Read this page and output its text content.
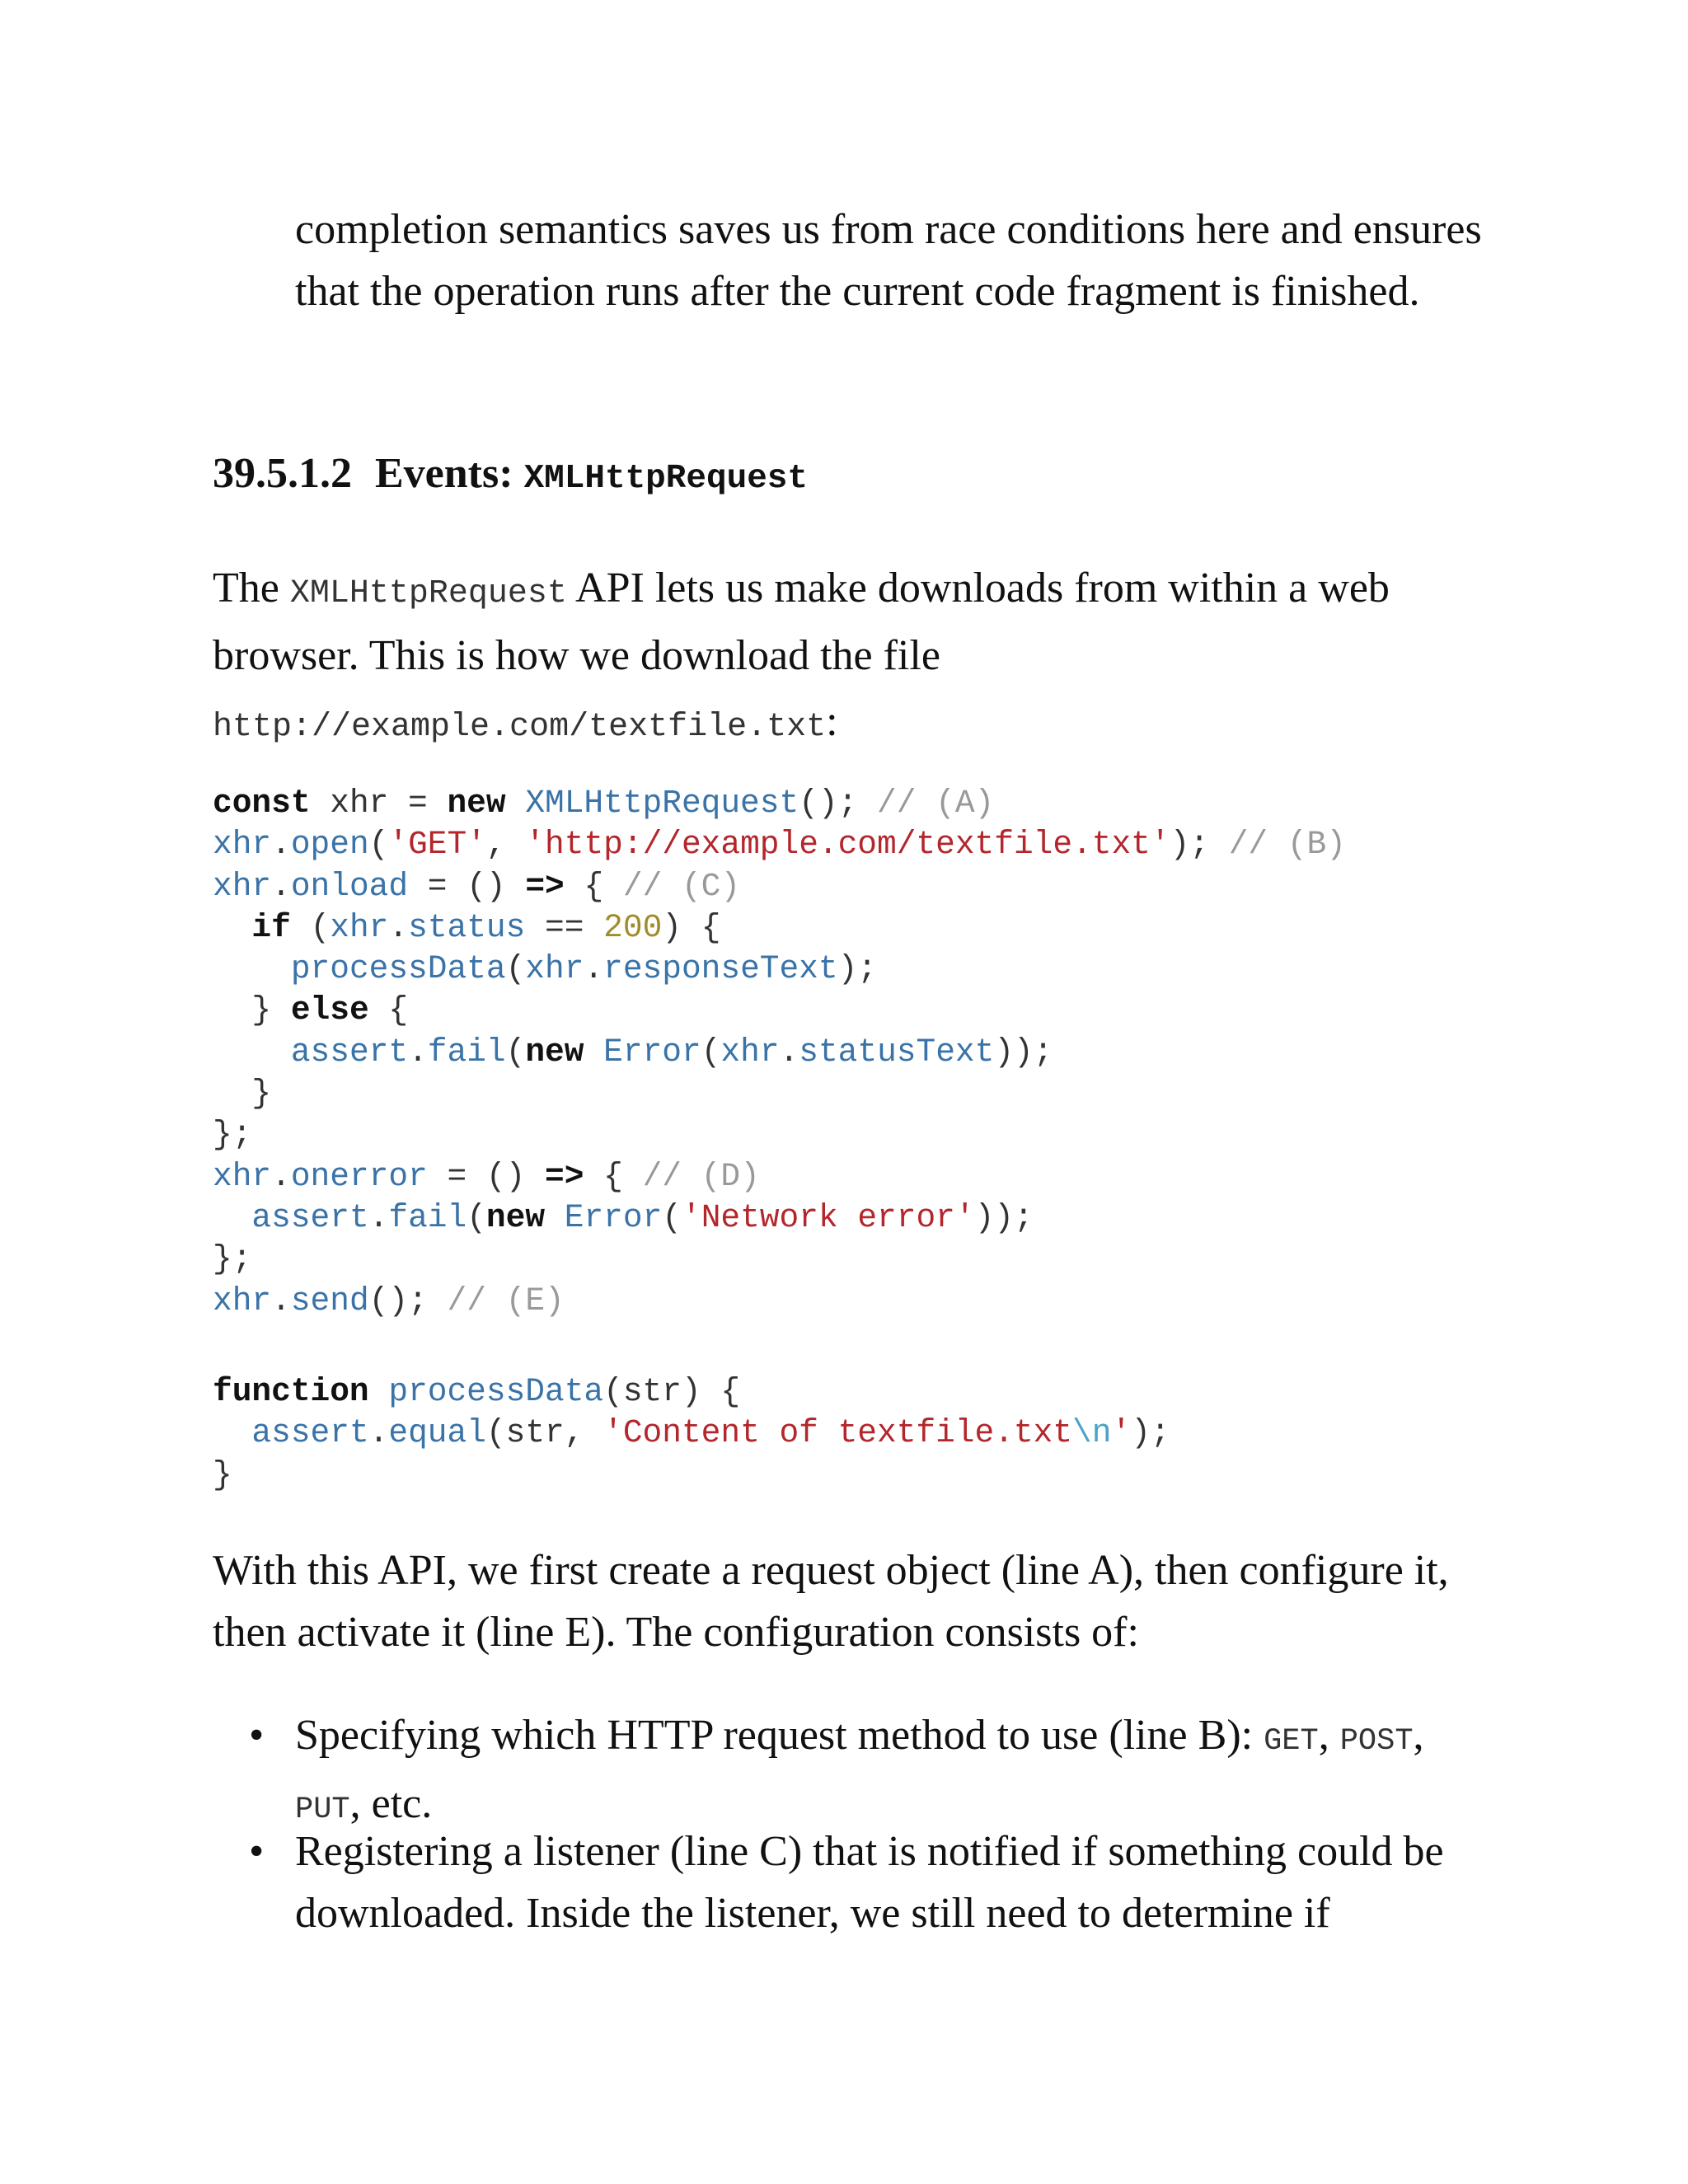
completion semantics saves us from race conditions here and ensures that the operation runs after the current code fragment is finished.

39.5.1.2 Events: XMLHttpRequest

The XMLHttpRequest API lets us make downloads from within a web browser. This is how we download the file

http://example.com/textfile.txt:
const xhr = new XMLHttpRequest(); // (A)
xhr.open('GET', 'http://example.com/textfile.txt'); // (B)
xhr.onload = () => { // (C)
if (xhr.status == 200) {
processData(xhr.responseText);
} else {
assert.fail(new Error(xhr.statusText));
}
};
xhr.onerror = () => { // (D)
assert.fail(new Error('Network error'));
};
xhr.send(); // (E)

function processData(str) {
assert.equal(str, 'Content of textfile.txt\n');
}

With this API, we first create a request object (line A), then configure it, then activate it (line E). The configuration consists of:

• Specifying which HTTP request method to use (line B): GET, POST, PUT, etc.
• Registering a listener (line C) that is notified if something could be downloaded. Inside the listener, we still need to determine if
